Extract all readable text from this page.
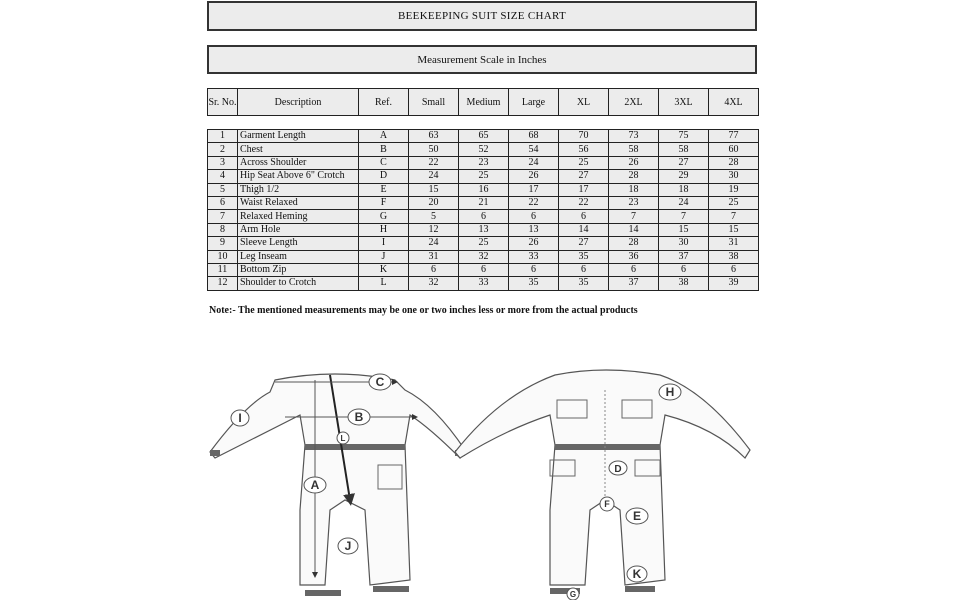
BEEKEEPING SUIT SIZE CHART
Measurement Scale in Inches
Sr. No.	Description	Ref.	Small	Medium	Large	XL	2XL	3XL	4XL
1	Garment Length	A	63	65	68	70	73	75	77
2	Chest	B	50	52	54	56	58	58	60
3	Across Shoulder	C	22	23	24	25	26	27	28
4	Hip Seat Above 6" Crotch	D	24	25	26	27	28	29	30
5	Thigh 1/2	E	15	16	17	17	18	18	19
6	Waist Relaxed	F	20	21	22	22	23	24	25
7	Relaxed Heming	G	5	6	6	6	7	7	7
8	Arm Hole	H	12	13	13	14	14	15	15
9	Sleeve Length	I	24	25	26	27	28	30	31
10	Leg Inseam	J	31	32	33	35	36	37	38
11	Bottom Zip	K	6	6	6	6	6	6	6
12	Shoulder to Crotch	L	32	33	35	35	37	38	39
Note:- The mentioned measurements may be one or two inches less or more from the actual products
C
B
I
L
A
J
H
D
F
E
K
G
